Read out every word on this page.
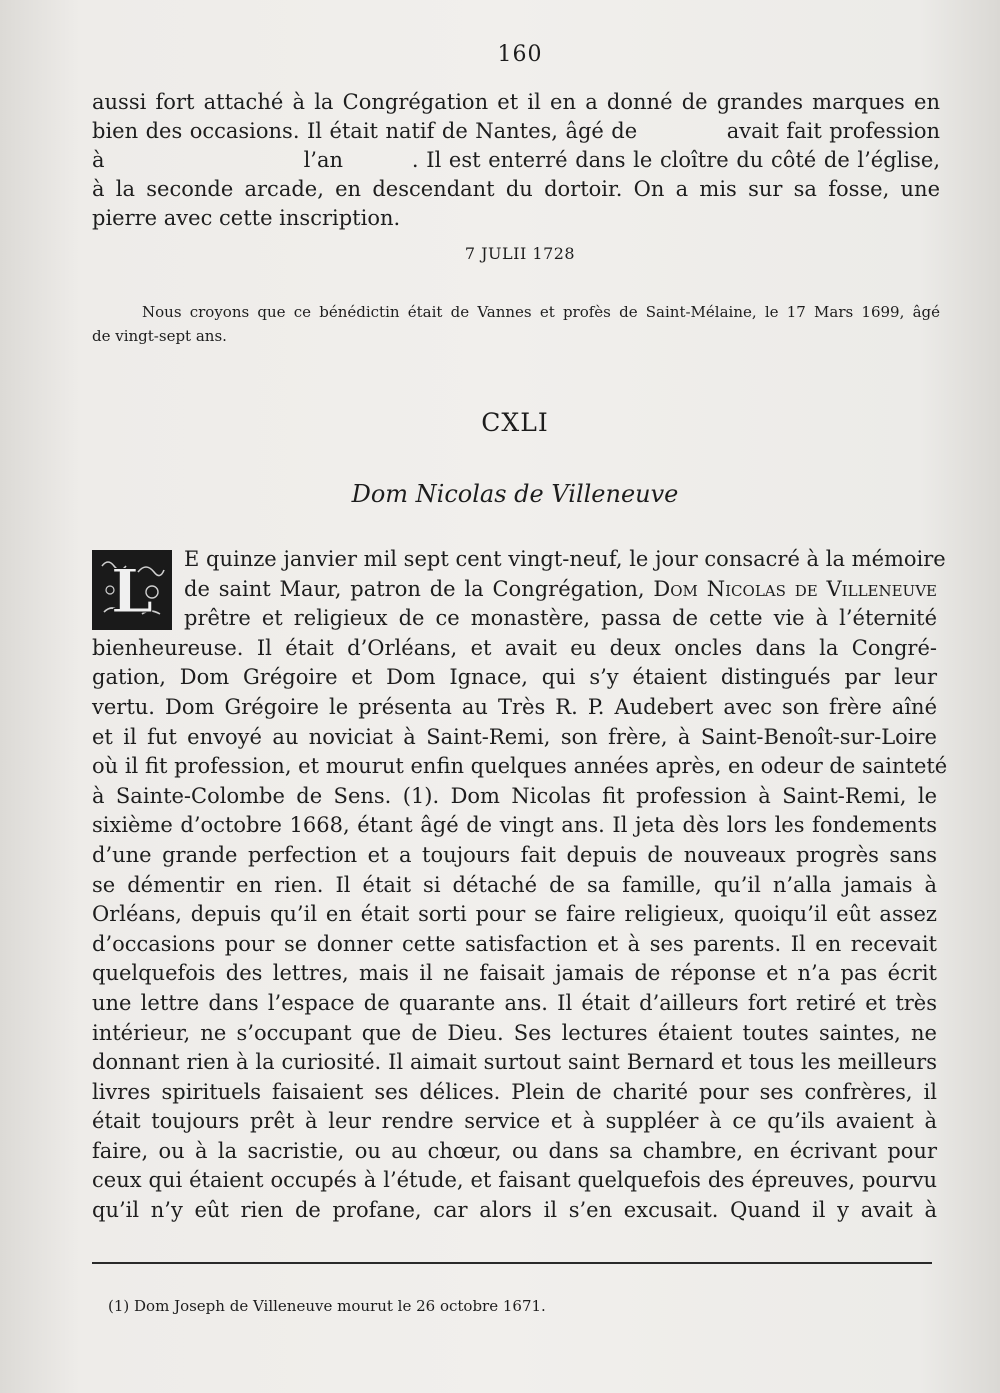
160
aussi fort attaché à la Congrégation et il en a donné de grandes marques en
bien des occasions. Il était natif de Nantes, âgé de            avait fait profession
à                          l’an         . Il est enterré dans le cloître du côté de l’église,
à la seconde arcade, en descendant du dortoir. On a mis sur sa fosse, une
pierre avec cette inscription.
7 JULII 1728
Nous croyons que ce bénédictin était de Vannes et profès de Saint-Mélaine, le 17 Mars 1699, âgé
de vingt-sept ans.
CXLI
Dom Nicolas de Villeneuve
L	E quinze janvier mil sept cent vingt-neuf, le jour consacré à la mémoire
de saint Maur, patron de la Congrégation, Dom Nicolas de Villeneuve
prêtre et religieux de ce monastère, passa de cette vie à l’éternité
bienheureuse. Il était d’Orléans, et avait eu deux oncles dans la Congré-
gation, Dom Grégoire et Dom Ignace, qui s’y étaient distingués par leur
vertu. Dom Grégoire le présenta au Très R. P. Audebert avec son frère aîné
et il fut envoyé au noviciat à Saint-Remi, son frère, à Saint-Benoît-sur-Loire
où il fit profession, et mourut enfin quelques années après, en odeur de sainteté
à Sainte-Colombe de Sens. (1). Dom Nicolas fit profession à Saint-Remi, le
sixième d’octobre 1668, étant âgé de vingt ans. Il jeta dès lors les fondements
d’une grande perfection et a toujours fait depuis de nouveaux progrès sans
se démentir en rien. Il était si détaché de sa famille, qu’il n’alla jamais à
Orléans, depuis qu’il en était sorti pour se faire religieux, quoiqu’il eût assez
d’occasions pour se donner cette satisfaction et à ses parents. Il en recevait
quelquefois des lettres, mais il ne faisait jamais de réponse et n’a pas écrit
une lettre dans l’espace de quarante ans. Il était d’ailleurs fort retiré et très
intérieur, ne s’occupant que de Dieu. Ses lectures étaient toutes saintes, ne
donnant rien à la curiosité. Il aimait surtout saint Bernard et tous les meilleurs
livres spirituels faisaient ses délices. Plein de charité pour ses confrères, il
était toujours prêt à leur rendre service et à suppléer à ce qu’ils avaient à
faire, ou à la sacristie, ou au chœur, ou dans sa chambre, en écrivant pour
ceux qui étaient occupés à l’étude, et faisant quelquefois des épreuves, pourvu
qu’il n’y eût rien de profane, car alors il s’en excusait. Quand il y avait à
(1) Dom Joseph de Villeneuve mourut le 26 octobre 1671.
